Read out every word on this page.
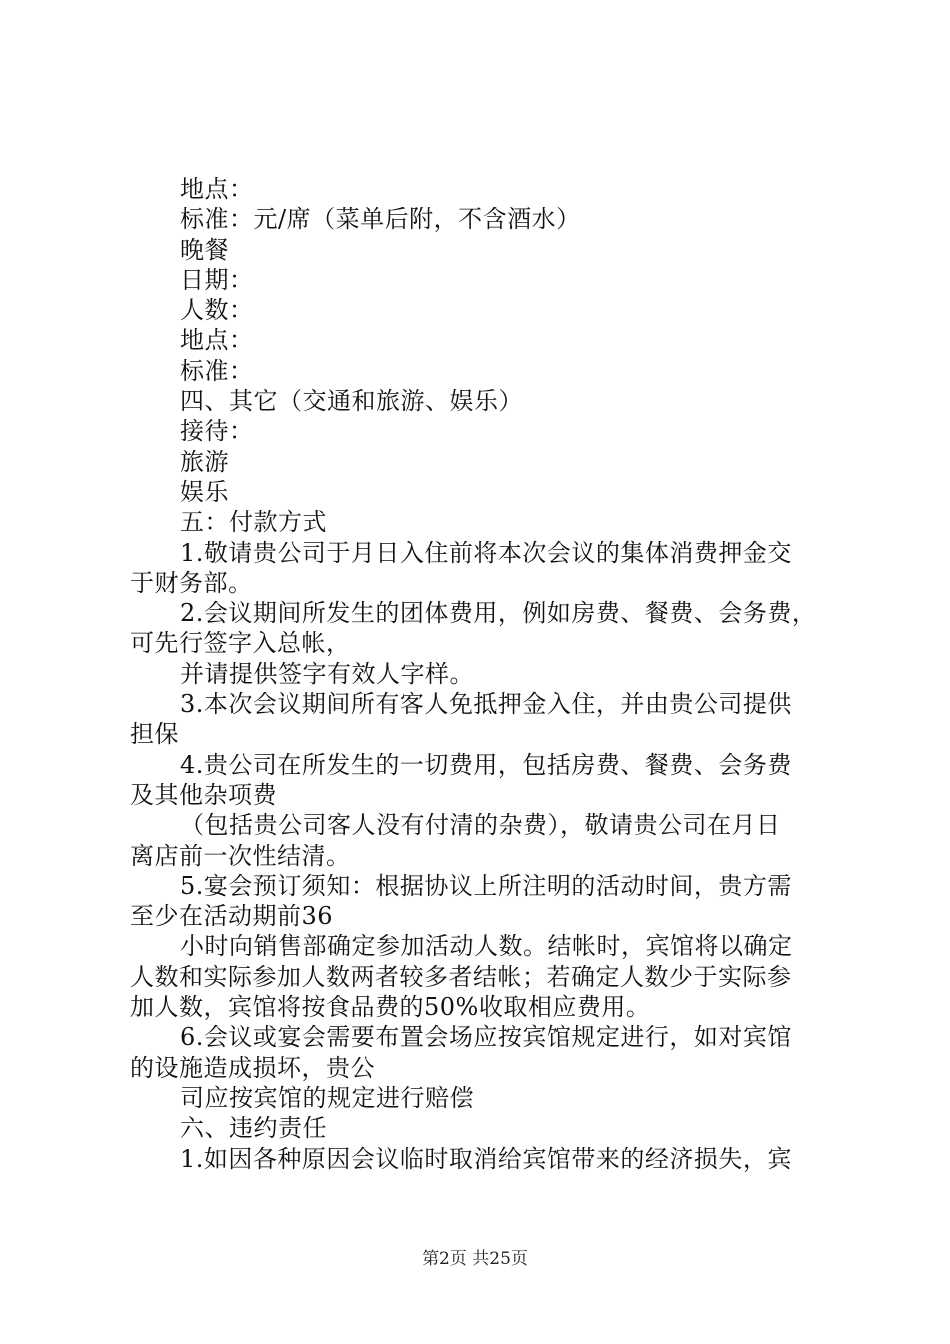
地点：
标准：元/席（菜单后附，不含酒水）
晚餐
日期：
人数：
地点：
标准：
四、其它（交通和旅游、娱乐）
接待：
旅游
娱乐
五：付款方式
1.敬请贵公司于月日入住前将本次会议的集体消费押金交
于财务部。
2.会议期间所发生的团体费用，例如房费、餐费、会务费，
可先行签字入总帐，
并请提供签字有效人字样。
3.本次会议期间所有客人免抵押金入住，并由贵公司提供
担保
4.贵公司在所发生的一切费用，包括房费、餐费、会务费
及其他杂项费
（包括贵公司客人没有付清的杂费），敬请贵公司在月日
离店前一次性结清。
5.宴会预订须知：根据协议上所注明的活动时间，贵方需
至少在活动期前36
小时向销售部确定参加活动人数。结帐时，宾馆将以确定
人数和实际参加人数两者较多者结帐；若确定人数少于实际参
加人数，宾馆将按食品费的50%收取相应费用。
6.会议或宴会需要布置会场应按宾馆规定进行，如对宾馆
的设施造成损坏，贵公
司应按宾馆的规定进行赔偿
六、违约责任
1.如因各种原因会议临时取消给宾馆带来的经济损失，宾
第2页 共25页
